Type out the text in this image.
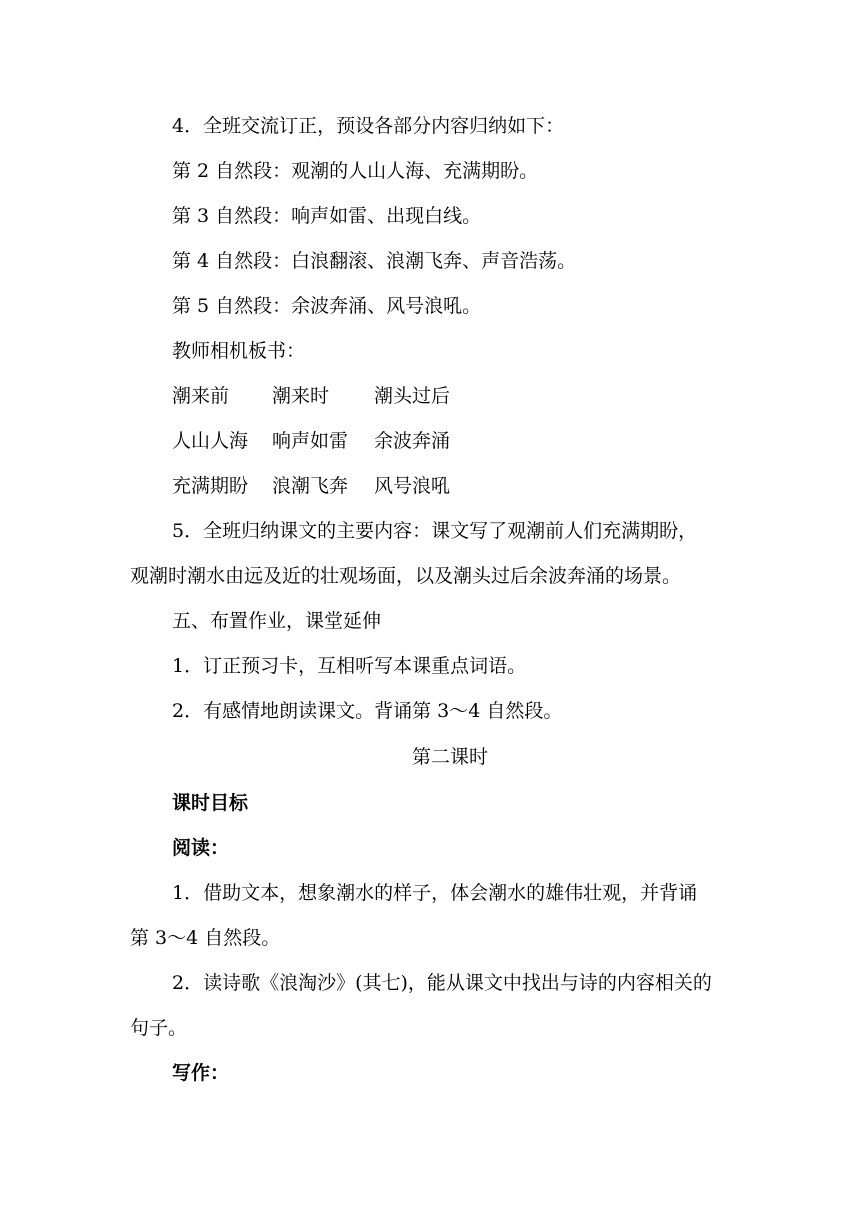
4．全班交流订正，预设各部分内容归纳如下：
第 2 自然段：观潮的人山人海、充满期盼。
第 3 自然段：响声如雷、出现白线。
第 4 自然段：白浪翻滚、浪潮飞奔、声音浩荡。
第 5 自然段：余波奔涌、风号浪吼。
教师相机板书：
潮来前 潮来时 潮头过后
人山人海 响声如雷 余波奔涌
充满期盼 浪潮飞奔 风号浪吼
5．全班归纳课文的主要内容：课文写了观潮前人们充满期盼，
观潮时潮水由远及近的壮观场面，以及潮头过后余波奔涌的场景。
五、布置作业，课堂延伸
1．订正预习卡，互相听写本课重点词语。
2．有感情地朗读课文。背诵第 3～4 自然段。
第二课时
课时目标
阅读：
1．借助文本，想象潮水的样子，体会潮水的雄伟壮观，并背诵
第 3～4 自然段。
2．读诗歌《浪淘沙》(其七)，能从课文中找出与诗的内容相关的
句子。
写作：
